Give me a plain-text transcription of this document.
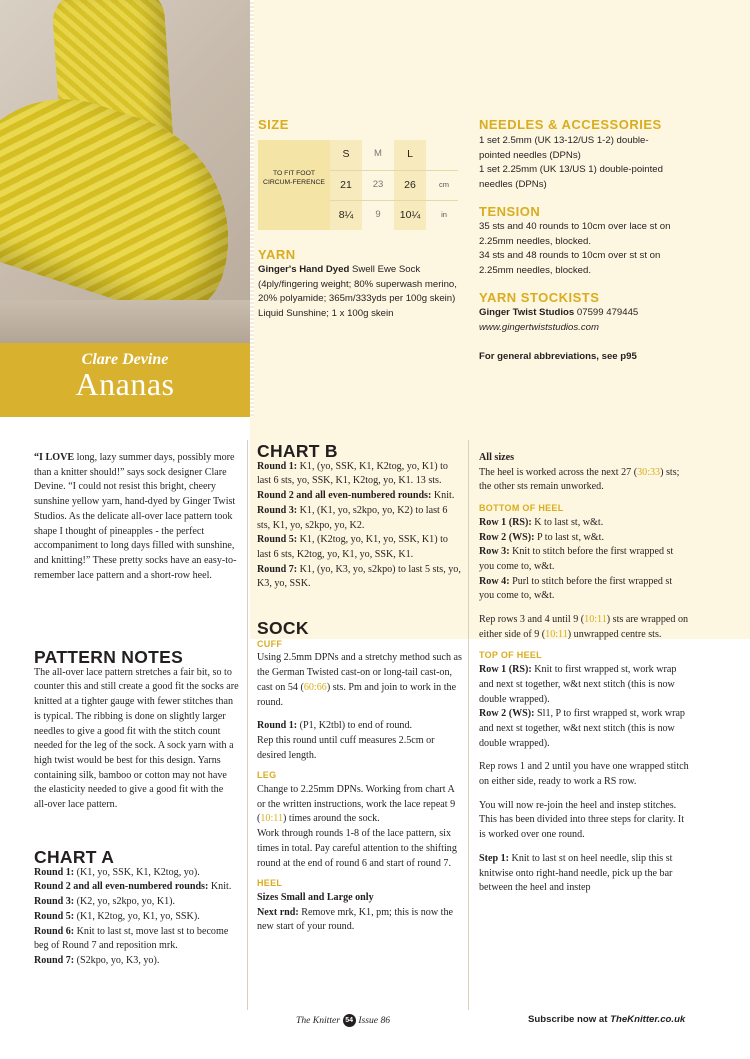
Clare Devine
Ananas
SIZE
TO FIT FOOT CIRCUM-FERENCE
S	M	L
21	23	26	cm
8¼	9	10¼	in
YARN
Ginger's Hand Dyed Swell Ewe Sock (4ply/fingering weight; 80% superwash merino, 20% polyamide; 365m/333yds per 100g skein)
Liquid Sunshine; 1 x 100g skein
NEEDLES & ACCESSORIES
1 set 2.5mm (UK 13-12/US 1-2) double-pointed needles (DPNs)
1 set 2.25mm (UK 13/US 1) double-pointed needles (DPNs)
TENSION
35 sts and 40 rounds to 10cm over lace st on 2.25mm needles, blocked.
34 sts and 48 rounds to 10cm over st st on 2.25mm needles, blocked.
YARN STOCKISTS
Ginger Twist Studios 07599 479445
www.gingertwiststudios.com
For general abbreviations, see p95
“I LOVE long, lazy summer days, possibly more than a knitter should!” says sock designer Clare Devine. “I could not resist this bright, cheery sunshine yellow yarn, hand-dyed by Ginger Twist Studios. As the delicate all-over lace pattern took shape I thought of pineapples - the perfect accompaniment to long days filled with sunshine, and knitting!” These pretty socks have an easy-to-remember lace pattern and a short-row heel.
PATTERN NOTES
The all-over lace pattern stretches a fair bit, so to counter this and still create a good fit the socks are knitted at a tighter gauge with fewer stitches than is typical. The ribbing is done on slightly larger needles to give a good fit with the stitch count needed for the leg of the sock. A sock yarn with a high twist would be best for this design. Yarns containing silk, bamboo or cotton may not have the elasticity needed to give a good fit with the all-over lace pattern.
CHART A
Round 1: (K1, yo, SSK, K1, K2tog, yo).
Round 2 and all even-numbered rounds: Knit.
Round 3: (K2, yo, s2kpo, yo, K1).
Round 5: (K1, K2tog, yo, K1, yo, SSK).
Round 6: Knit to last st, move last st to become beg of Round 7 and reposition mrk.
Round 7: (S2kpo, yo, K3, yo).
CHART B
Round 1: K1, (yo, SSK, K1, K2tog, yo, K1) to last 6 sts, yo, SSK, K1, K2tog, yo, K1. 13 sts.
Round 2 and all even-numbered rounds: Knit.
Round 3: K1, (K1, yo, s2kpo, yo, K2) to last 6 sts, K1, yo, s2kpo, yo, K2.
Round 5: K1, (K2tog, yo, K1, yo, SSK, K1) to last 6 sts, K2tog, yo, K1, yo, SSK, K1.
Round 7: K1, (yo, K3, yo, s2kpo) to last 5 sts, yo, K3, yo, SSK.
SOCK
CUFF
Using 2.5mm DPNs and a stretchy method such as the German Twisted cast-on or long-tail cast-on, cast on 54 (60:66) sts. Pm and join to work in the round.
Round 1: (P1, K2tbl) to end of round.
Rep this round until cuff measures 2.5cm or desired length.
LEG
Change to 2.25mm DPNs. Working from chart A or the written instructions, work the lace repeat 9 (10:11) times around the sock.
Work through rounds 1-8 of the lace pattern, six times in total. Pay careful attention to the shifting round at the end of round 6 and start of round 7.
HEEL
Sizes Small and Large only
Next rnd: Remove mrk, K1, pm; this is now the new start of your round.
All sizes
The heel is worked across the next 27 (30:33) sts; the other sts remain unworked.
BOTTOM OF HEEL
Row 1 (RS): K to last st, w&t.
Row 2 (WS): P to last st, w&t.
Row 3: Knit to stitch before the first wrapped st you come to, w&t.
Row 4: Purl to stitch before the first wrapped st you come to, w&t.
Rep rows 3 and 4 until 9 (10:11) sts are wrapped on either side of 9 (10:11) unwrapped centre sts.
TOP OF HEEL
Row 1 (RS): Knit to first wrapped st, work wrap and next st together, w&t next stitch (this is now double wrapped).
Row 2 (WS): Sl1, P to first wrapped st, work wrap and next st together, w&t next stitch (this is now double wrapped).
Rep rows 1 and 2 until you have one wrapped stitch on either side, ready to work a RS row.
You will now re-join the heel and instep stitches. This has been divided into three steps for clarity. It is worked over one round.
Step 1: Knit to last st on heel needle, slip this st knitwise onto right-hand needle, pick up the bar between the heel and instep
The Knitter 54 Issue 86	Subscribe now at TheKnitter.co.uk
